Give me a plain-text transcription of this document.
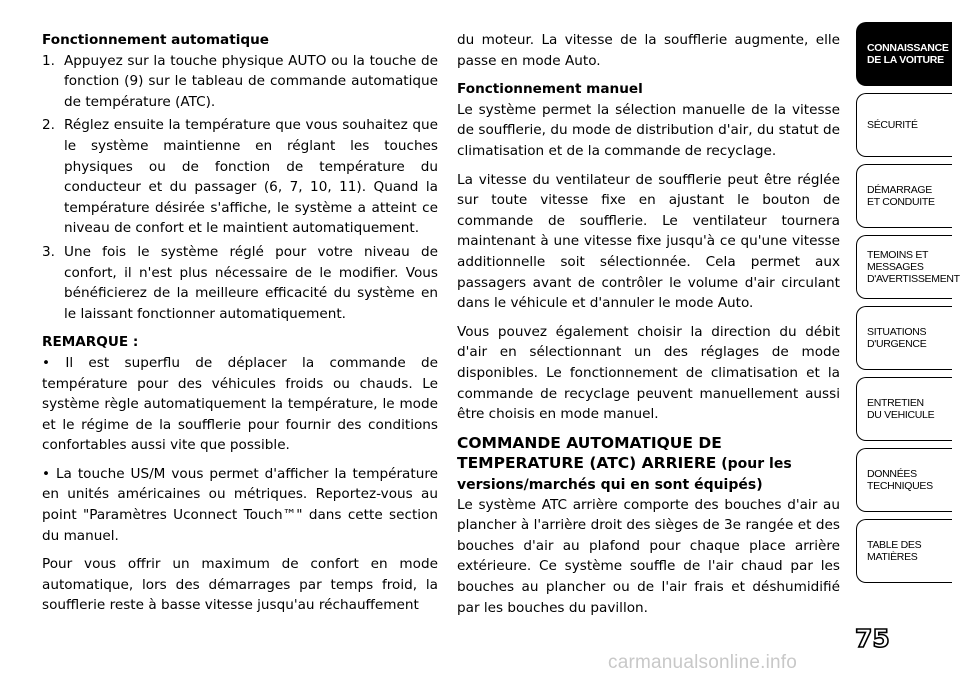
Fonctionnement automatique

1. Appuyez sur la touche physique AUTO ou la touche de fonction (9) sur le tableau de commande automatique de température (ATC).
2. Réglez ensuite la température que vous souhaitez que le système maintienne en réglant les touches physiques ou de fonction de température du conducteur et du passager (6, 7, 10, 11). Quand la température désirée s'affiche, le système a atteint ce niveau de confort et le maintient automatiquement.
3. Une fois le système réglé pour votre niveau de confort, il n'est plus nécessaire de le modifier. Vous bénéficierez de la meilleure efficacité du système en le laissant fonctionner automatiquement.

REMARQUE :

• Il est superflu de déplacer la commande de température pour des véhicules froids ou chauds. Le système règle automatiquement la température, le mode et le régime de la soufflerie pour fournir des conditions confortables aussi vite que possible.

• La touche US/M vous permet d'afficher la température en unités américaines ou métriques. Reportez-vous au point "Paramètres Uconnect Touch™" dans cette section du manuel.

Pour vous offrir un maximum de confort en mode automatique, lors des démarrages par temps froid, la soufflerie reste à basse vitesse jusqu'au réchauffement

du moteur. La vitesse de la soufflerie augmente, elle passe en mode Auto.

Fonctionnement manuel

Le système permet la sélection manuelle de la vitesse de soufflerie, du mode de distribution d'air, du statut de climatisation et de la commande de recyclage.

La vitesse du ventilateur de soufflerie peut être réglée sur toute vitesse fixe en ajustant le bouton de commande de soufflerie. Le ventilateur tournera maintenant à une vitesse fixe jusqu'à ce qu'une vitesse additionnelle soit sélectionnée. Cela permet aux passagers avant de contrôler le volume d'air circulant dans le véhicule et d'annuler le mode Auto.

Vous pouvez également choisir la direction du débit d'air en sélectionnant un des réglages de mode disponibles. Le fonctionnement de climatisation et la commande de recyclage peuvent manuellement aussi être choisis en mode manuel.

COMMANDE AUTOMATIQUE DE TEMPERATURE (ATC) ARRIERE (pour les versions/marchés qui en sont équipés)

Le système ATC arrière comporte des bouches d'air au plancher à l'arrière droit des sièges de 3e rangée et des bouches d'air au plafond pour chaque place arrière extérieure. Ce système souffle de l'air chaud par les bouches au plancher ou de l'air frais et déshumidifié par les bouches du pavillon.

CONNAISSANCE
DE LA VOITURE
SÉCURITÉ
DÉMARRAGE
ET CONDUITE
TEMOINS ET
MESSAGES
D'AVERTISSEMENT
SITUATIONS
D'URGENCE
ENTRETIEN
DU VEHICULE
DONNÉES
TECHNIQUES
TABLE DES
MATIÈRES
75
carmanualsonline.info
